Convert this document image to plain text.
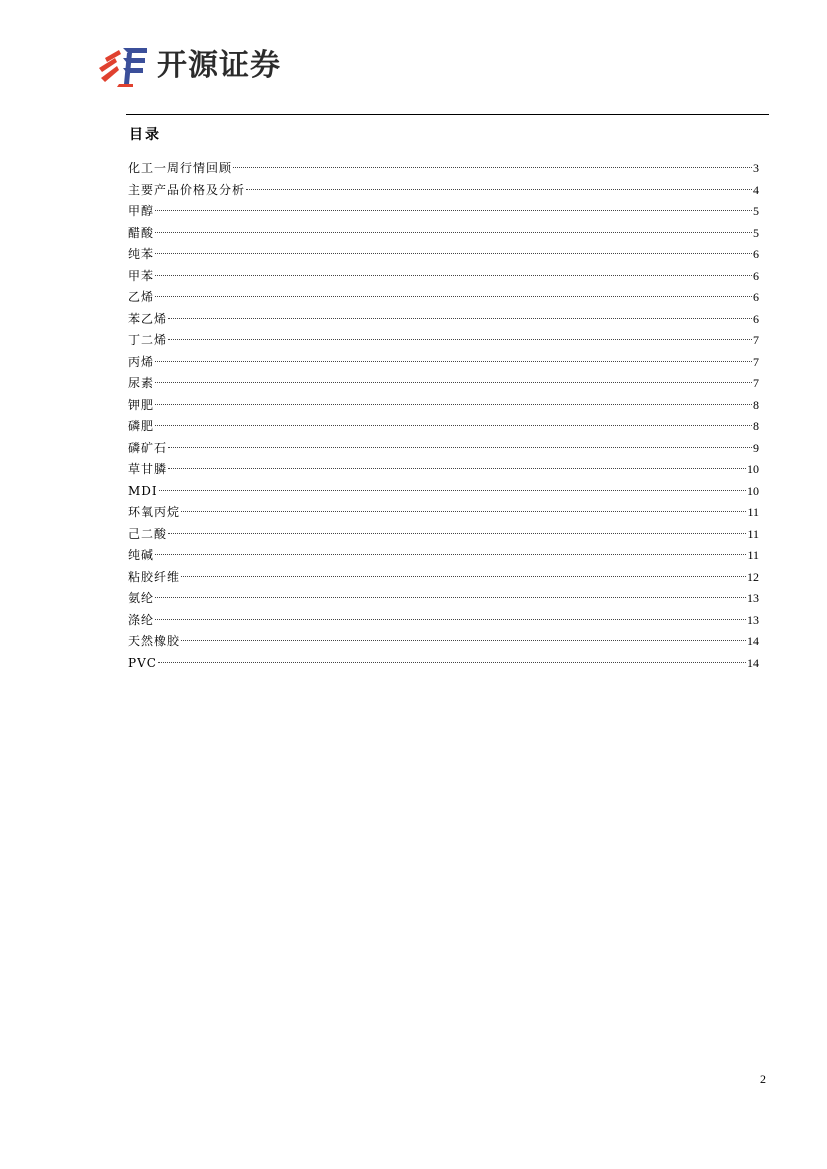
开源证券
目录
化工一周行情回顾	3
主要产品价格及分析	4
甲醇	5
醋酸	5
纯苯	6
甲苯	6
乙烯	6
苯乙烯	6
丁二烯	7
丙烯	7
尿素	7
钾肥	8
磷肥	8
磷矿石	9
草甘膦	10
MDI	10
环氧丙烷	11
己二酸	11
纯碱	11
粘胶纤维	12
氨纶	13
涤纶	13
天然橡胶	14
PVC	14
2
